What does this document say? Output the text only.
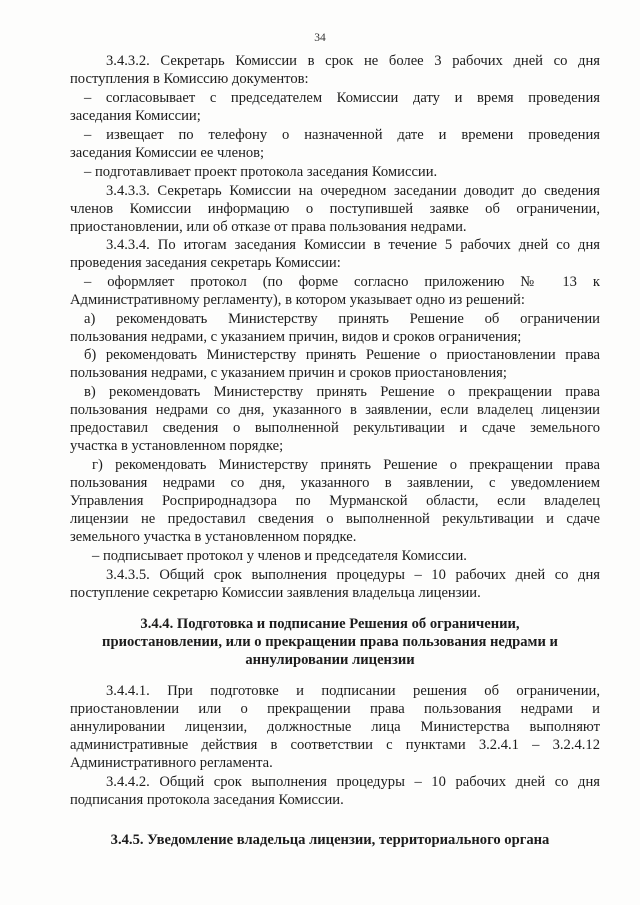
34
3.4.3.2. Секретарь Комиссии в срок не более 3 рабочих дней со дня
поступления в Комиссию документов:
– согласовывает с председателем Комиссии дату и время проведения
заседания Комиссии;
– извещает по телефону о назначенной дате и времени проведения
заседания Комиссии ее членов;
– подготавливает проект протокола заседания Комиссии.
3.4.3.3. Секретарь Комиссии на очередном заседании доводит до сведения
членов Комиссии информацию о поступившей заявке об ограничении,
приостановлении, или об отказе от права пользования недрами.
3.4.3.4. По итогам заседания Комиссии в течение 5 рабочих дней со дня
проведения заседания секретарь Комиссии:
– оформляет протокол (по форме согласно приложению № 13 к
Административному регламенту), в котором указывает одно из решений:
а) рекомендовать Министерству принять Решение об ограничении
пользования недрами, с указанием причин, видов и сроков ограничения;
б) рекомендовать Министерству принять Решение о приостановлении права
пользования недрами, с указанием причин и сроков приостановления;
в) рекомендовать Министерству принять Решение о прекращении права
пользования недрами со дня, указанного в заявлении, если владелец лицензии
предоставил сведения о выполненной рекультивации и сдаче земельного
участка в установленном порядке;
г) рекомендовать Министерству принять Решение о прекращении права
пользования недрами со дня, указанного в заявлении, с уведомлением
Управления Росприроднадзора по Мурманской области, если владелец
лицензии не предоставил сведения о выполненной рекультивации и сдаче
земельного участка в установленном порядке.
– подписывает протокол у членов и председателя Комиссии.
3.4.3.5. Общий срок выполнения процедуры – 10 рабочих дней со дня
поступление секретарю Комиссии заявления владельца лицензии.
3.4.4. Подготовка и подписание Решения об ограничении,
приостановлении, или о прекращении права пользования недрами и
аннулировании лицензии
3.4.4.1. При подготовке и подписании решения об ограничении,
приостановлении или о прекращении права пользования недрами и
аннулировании лицензии, должностные лица Министерства выполняют
административные действия в соответствии с пунктами 3.2.4.1 – 3.2.4.12
Административного регламента.
3.4.4.2. Общий срок выполнения процедуры – 10 рабочих дней со дня
подписания протокола заседания Комиссии.
3.4.5. Уведомление владельца лицензии, территориального органа
